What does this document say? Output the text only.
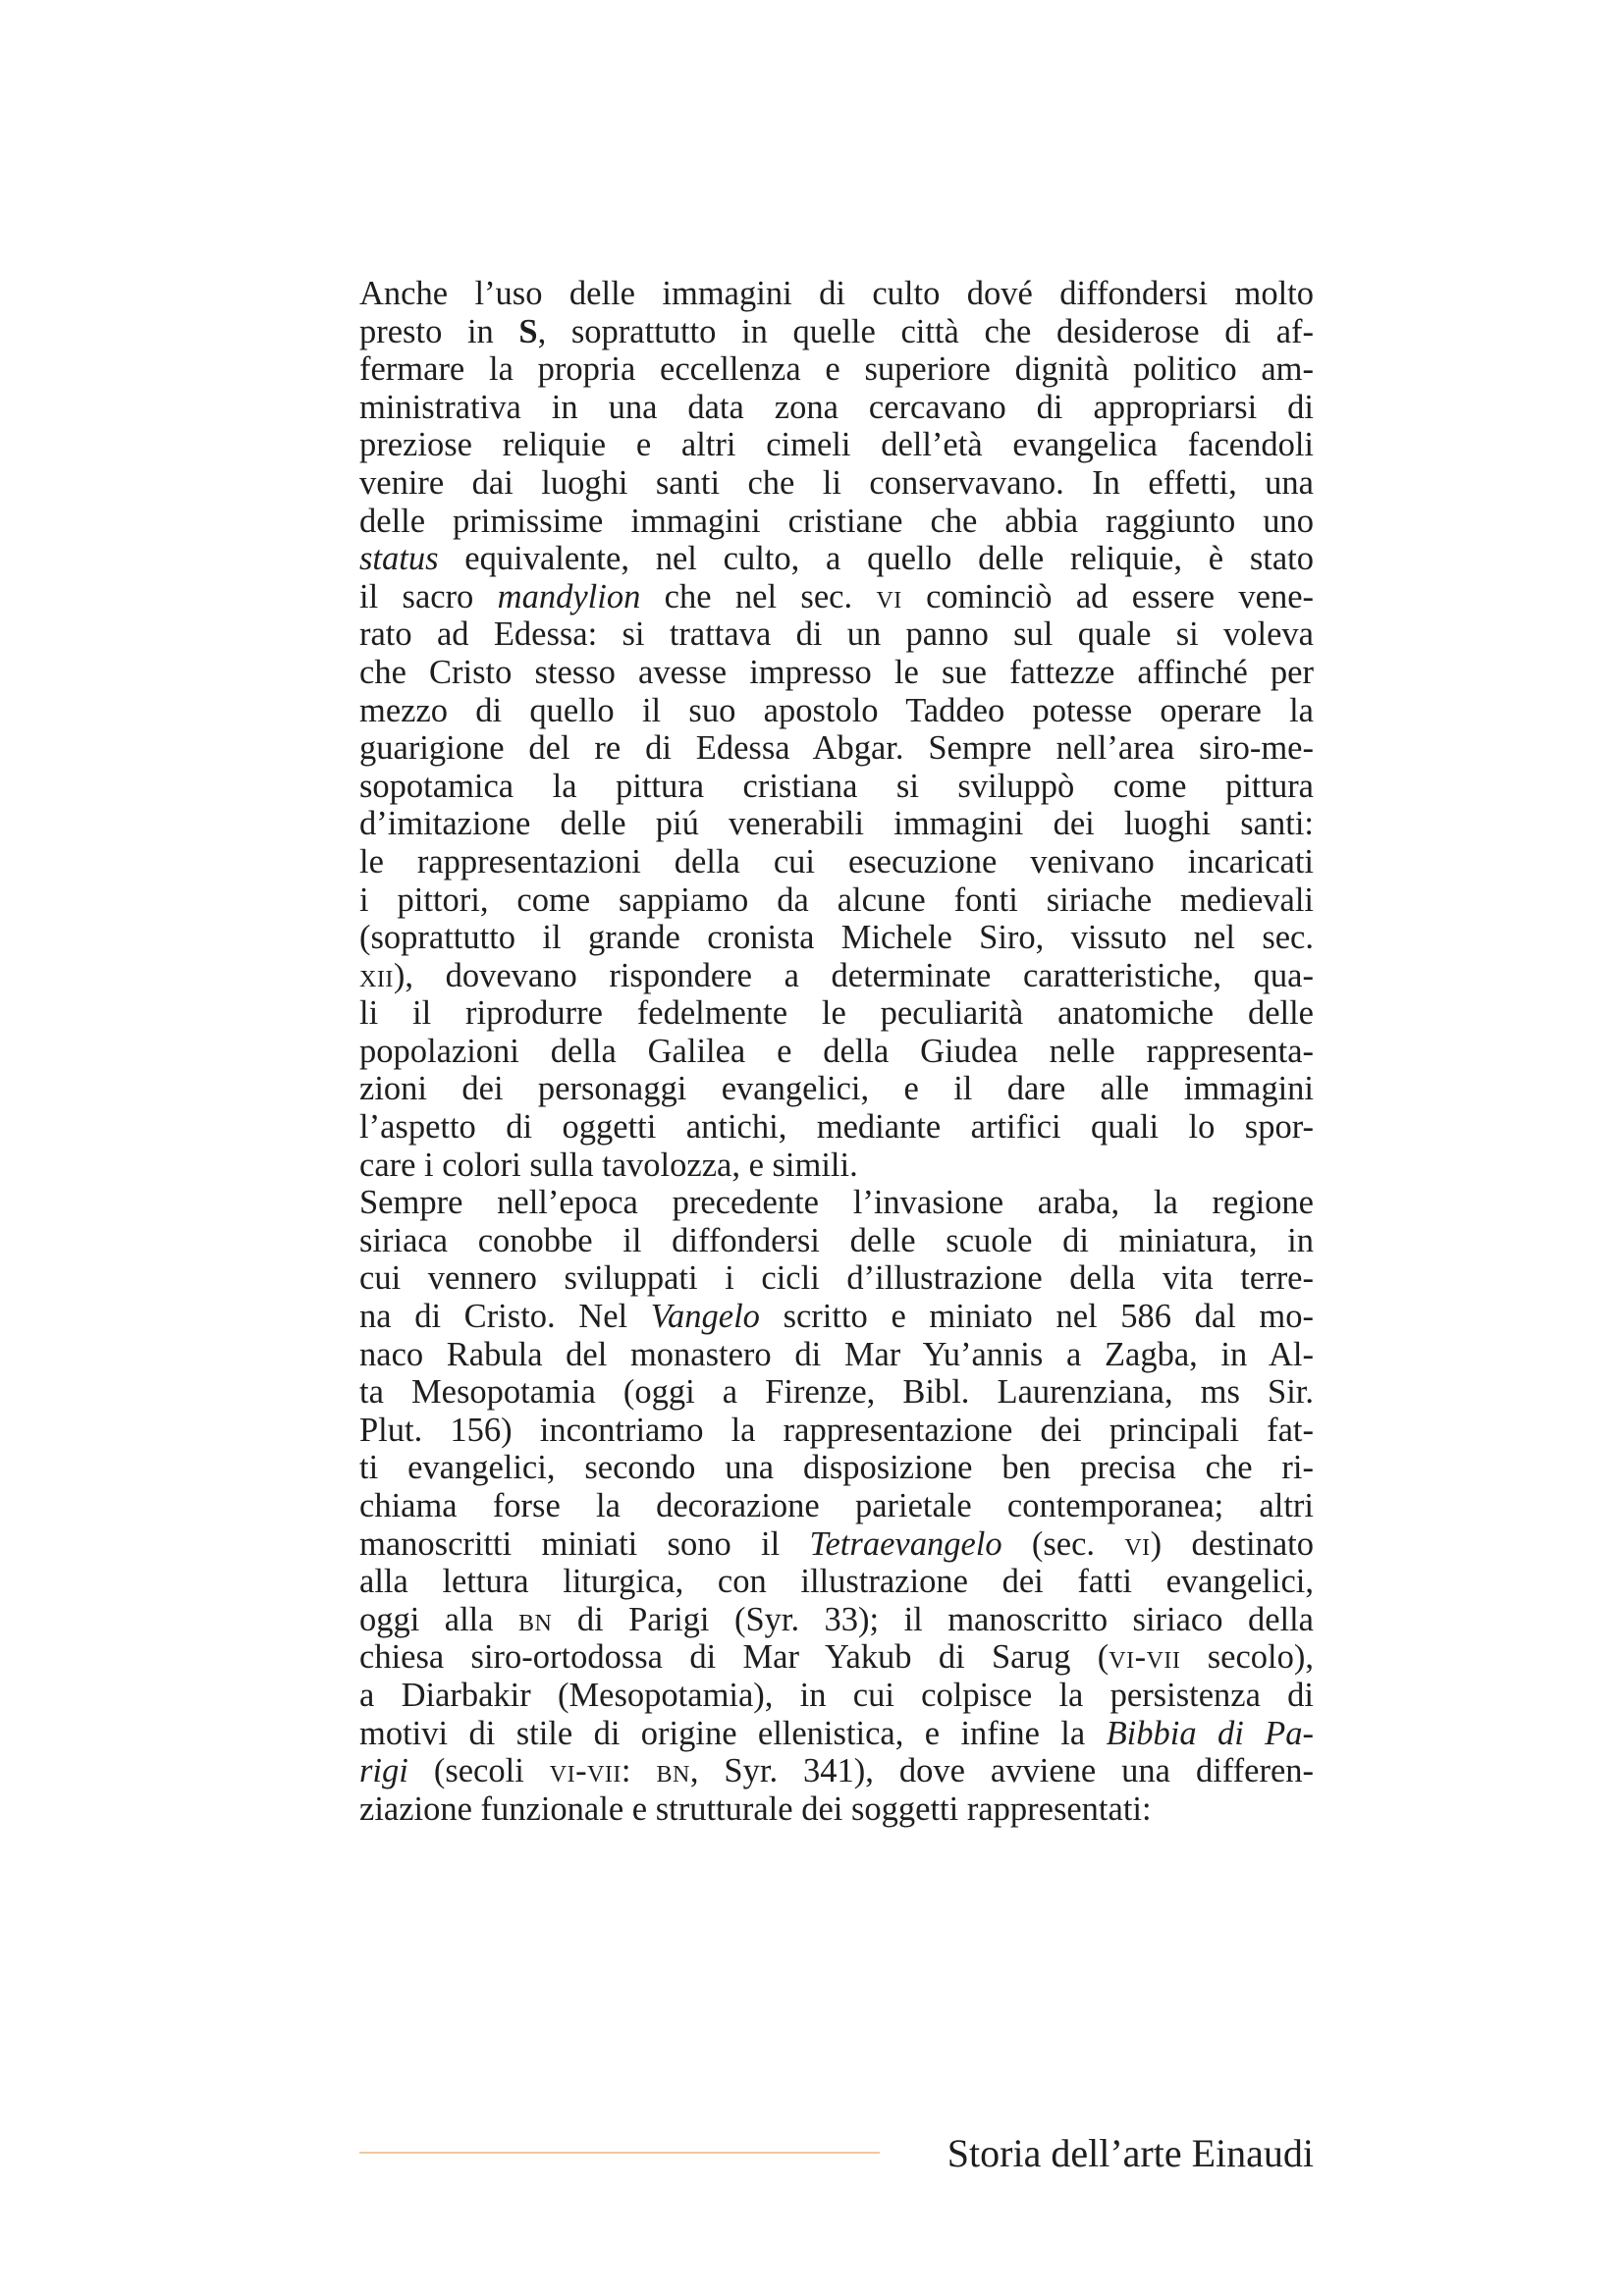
Anche l’uso delle immagini di culto dové diffondersi molto
presto in S, soprattutto in quelle città che desiderose di af-
fermare la propria eccellenza e superiore dignità politico am-
ministrativa in una data zona cercavano di appropriarsi di
preziose reliquie e altri cimeli dell’età evangelica facendoli
venire dai luoghi santi che li conservavano. In effetti, una
delle primissime immagini cristiane che abbia raggiunto uno
status equivalente, nel culto, a quello delle reliquie, è stato
il sacro mandylion che nel sec. vi cominciò ad essere vene-
rato ad Edessa: si trattava di un panno sul quale si voleva
che Cristo stesso avesse impresso le sue fattezze affinché per
mezzo di quello il suo apostolo Taddeo potesse operare la
guarigione del re di Edessa Abgar. Sempre nell’area siro-me-
sopotamica la pittura cristiana si sviluppò come pittura
d’imitazione delle piú venerabili immagini dei luoghi santi:
le rappresentazioni della cui esecuzione venivano incaricati
i pittori, come sappiamo da alcune fonti siriache medievali
(soprattutto il grande cronista Michele Siro, vissuto nel sec.
xii), dovevano rispondere a determinate caratteristiche, qua-
li il riprodurre fedelmente le peculiarità anatomiche delle
popolazioni della Galilea e della Giudea nelle rappresenta-
zioni dei personaggi evangelici, e il dare alle immagini
l’aspetto di oggetti antichi, mediante artifici quali lo spor-
care i colori sulla tavolozza, e simili.
Sempre nell’epoca precedente l’invasione araba, la regione
siriaca conobbe il diffondersi delle scuole di miniatura, in
cui vennero sviluppati i cicli d’illustrazione della vita terre-
na di Cristo. Nel Vangelo scritto e miniato nel 586 dal mo-
naco Rabula del monastero di Mar Yu’annis a Zagba, in Al-
ta Mesopotamia (oggi a Firenze, Bibl. Laurenziana, ms Sir.
Plut. 156) incontriamo la rappresentazione dei principali fat-
ti evangelici, secondo una disposizione ben precisa che ri-
chiama forse la decorazione parietale contemporanea; altri
manoscritti miniati sono il Tetraevangelo (sec. vi) destinato
alla lettura liturgica, con illustrazione dei fatti evangelici,
oggi alla bn di Parigi (Syr. 33); il manoscritto siriaco della
chiesa siro-ortodossa di Mar Yakub di Sarug (vi-vii secolo),
a Diarbakir (Mesopotamia), in cui colpisce la persistenza di
motivi di stile di origine ellenistica, e infine la Bibbia di Pa-
rigi (secoli vi-vii: bn, Syr. 341), dove avviene una differen-
ziazione funzionale e strutturale dei soggetti rappresentati:
Storia dell’arte Einaudi
